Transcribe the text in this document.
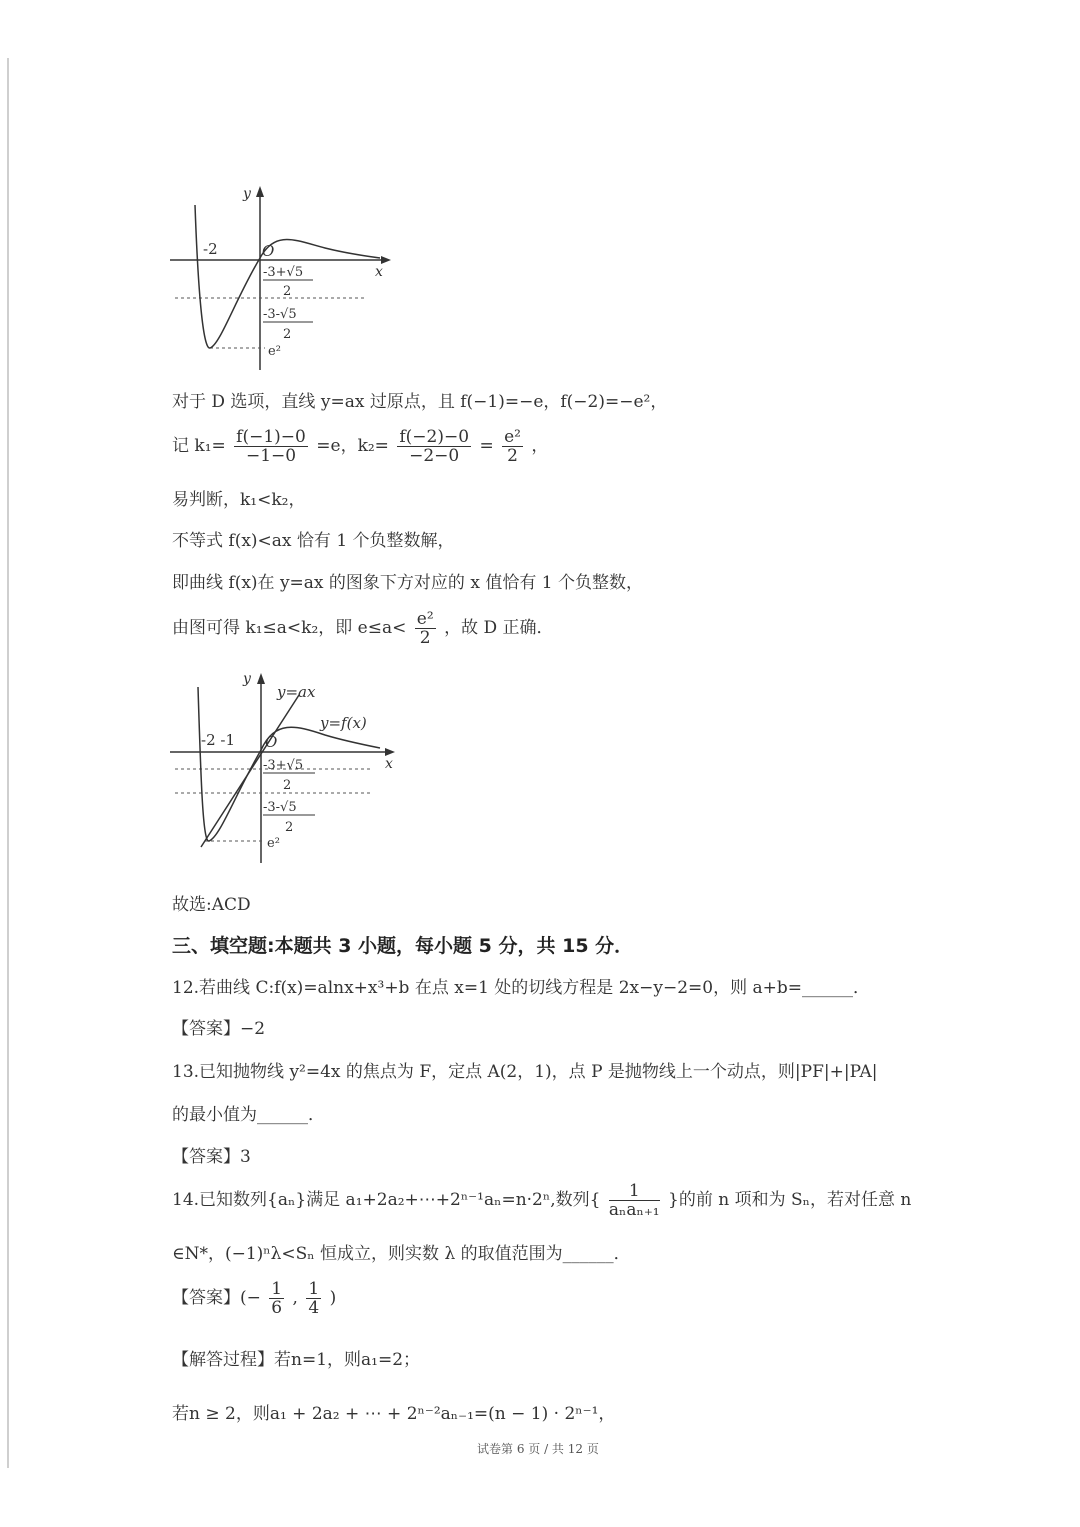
y
x
-2	O
-3+√5
2
-3-√5
2
e²
对于 D 选项，直线 y=ax 过原点，且 f(−1)=−e，f(−2)=−e²，
记 $k_1= \frac{f(-1)-0}{-1-0} =e$，$k_2= \frac{f(-2)-0}{-2-0} = \frac{\text{e²}}{2}$ ，
易判断，k₁<k₂，
不等式 f(x)<ax 恰有 1 个负整数解，
即曲线 f(x)在 y=ax 的图象下方对应的 x 值恰有 1 个负整数，
由图可得 k₁≤a<k₂，即 $e\le a< \frac{\text{e²}}{2}$ ，故 D 正确．
y
x
y=ax
y=f(x)
-2 -1 O
-3+√5
2
-3-√5
2
e²
故选:ACD
三、填空题:本题共 3 小题，每小题 5 分，共 15 分．
12.若曲线 C:f(x)=alnx+x³+b 在点 x=1 处的切线方程是 2x−y−2=0，则 a+b=______．
【答案】−2
13.已知抛物线 y²=4x 的焦点为 F，定点 A(2，1)，点 P 是抛物线上一个动点，则|PF|+|PA|
的最小值为______．
【答案】3
14.已知数列{aₙ}满足 a₁+2a₂+⋯+2ⁿ⁻¹aₙ=n·2ⁿ,数列{ $\frac{1}{\text{aₙaₙ₊₁}}$ }的前 n 项和为 Sₙ，若对任意 n
∈N*，(−1)ⁿλ<Sₙ 恒成立，则实数 λ 的取值范围为______．
【答案】(− $\frac{1}{6}$ , $\frac{1}{4}$ )
【解答过程】若n=1，则a₁=2；
若n ≥ 2，则a₁ + 2a₂ + ⋯ + 2ⁿ⁻²aₙ₋₁=(n − 1) · 2ⁿ⁻¹，
试卷第 6 页 / 共 12 页
